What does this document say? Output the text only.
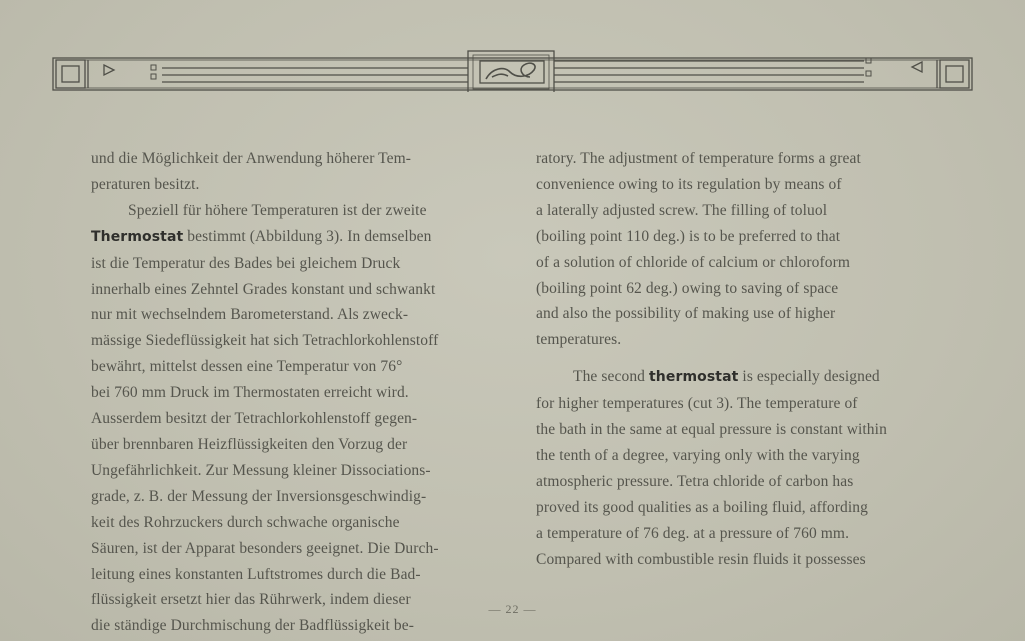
und die Möglichkeit der Anwendung höherer Tem-
peraturen besitzt.

Speziell für höhere Temperaturen ist der zweite
Thermostat bestimmt (Abbildung 3). In demselben
ist die Temperatur des Bades bei gleichem Druck
innerhalb eines Zehntel Grades konstant und schwankt
nur mit wechselndem Barometerstand. Als zweck-
mässige Siedeflüssigkeit hat sich Tetrachlorkohlenstoff
bewährt, mittelst dessen eine Temperatur von 76°
bei 760 mm Druck im Thermostaten erreicht wird.
Ausserdem besitzt der Tetrachlorkohlenstoff gegen-
über brennbaren Heizflüssigkeiten den Vorzug der
Ungefährlichkeit. Zur Messung kleiner Dissociations-
grade, z. B. der Messung der Inversionsgeschwindig-
keit des Rohrzuckers durch schwache organische
Säuren, ist der Apparat besonders geeignet. Die Durch-
leitung eines konstanten Luftstromes durch die Bad-
flüssigkeit ersetzt hier das Rührwerk, indem dieser
die ständige Durchmischung der Badflüssigkeit be-

ratory. The adjustment of temperature forms a great
convenience owing to its regulation by means of
a laterally adjusted screw. The filling of toluol
(boiling point 110 deg.) is to be preferred to that
of a solution of chloride of calcium or chloroform
(boiling point 62 deg.) owing to saving of space
and also the possibility of making use of higher
temperatures.

The second thermostat is especially designed
for higher temperatures (cut 3). The temperature of
the bath in the same at equal pressure is constant within
the tenth of a degree, varying only with the varying
atmospheric pressure. Tetra chloride of carbon has
proved its good qualities as a boiling fluid, affording
a temperature of 76 deg. at a pressure of 760 mm.
Compared with combustible resin fluids it possesses

— 22 —
